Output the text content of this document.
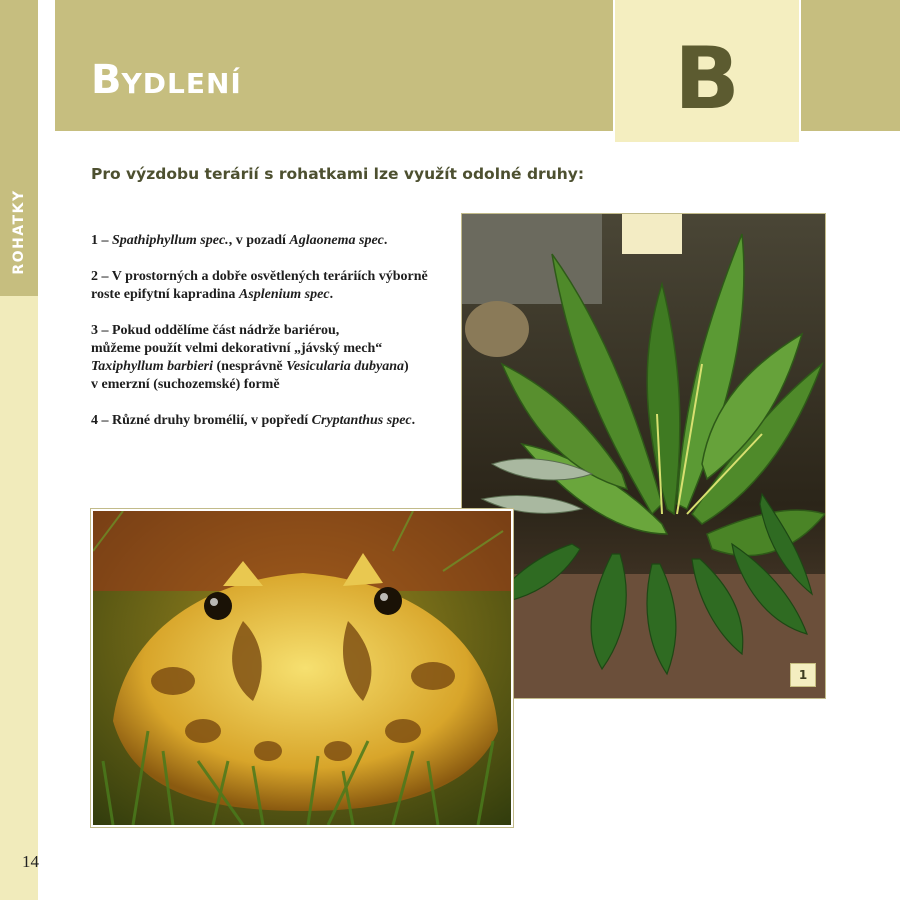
ROHATKY
BYDLENÍ	B
Pro výzdobu terárií s rohatkami lze využít odolné druhy:

1 – Spathiphyllum spec., v pozadí Aglaonema spec.

2 – V prostorných a dobře osvětlených teráriích výborně
roste epifytní kapradina Asplenium spec.

3 – Pokud oddělíme část nádrže bariérou,
můžeme použít velmi dekorativní „jávský mech“
Taxiphyllum barbieri (nesprávně Vesicularia dubyana)
v emerzní (suchozemské) formě

4 – Různé druhy bromélií, v popředí Cryptanthus spec.

1
14
